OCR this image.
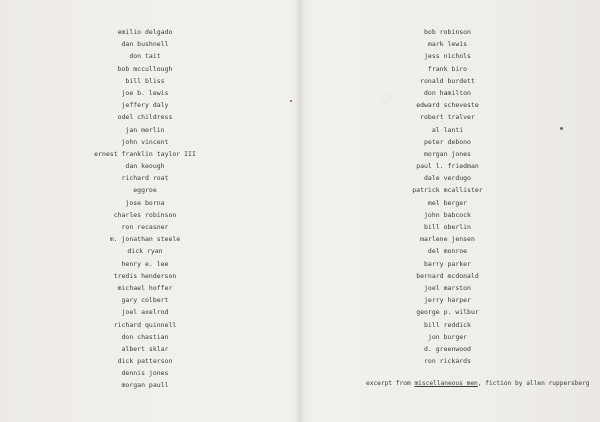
◌
emilio delgado
dan bushnell
don tait
bob mccullough
bill bliss
joe b. lewis
jeffery daly
odel childress
jan merlin
john vincent
ernest franklin taylor III
dan keough
richard roat
eggroe
jose borna
charles robinson
ron recasner
m. jonathan steele
dick ryan
henry e. lee
tredis henderson
michael hoffer
gary colbert
joel axelrod
richard quinnell
don chastian
albert sklar
dick patterson
dennis jones
morgan paull
bob robinson
mark lewis
jess nichols
frank biro
ronald burdett
don hamilton
edward scheveste
robert tralver
al lanti
peter debono
morgan jones
paul l. friedman
dale verdugo
patrick mcallister
mel berger
john babcock
bill oberlin
marlene jensen
del monroe
barry parker
bernard mcdonald
joel marston
jerry harper
george p. wilbur
bill reddick
jon burger
d. greenwood
ron rickards
excerpt from miscellaneous men, fiction by allen ruppersberg
